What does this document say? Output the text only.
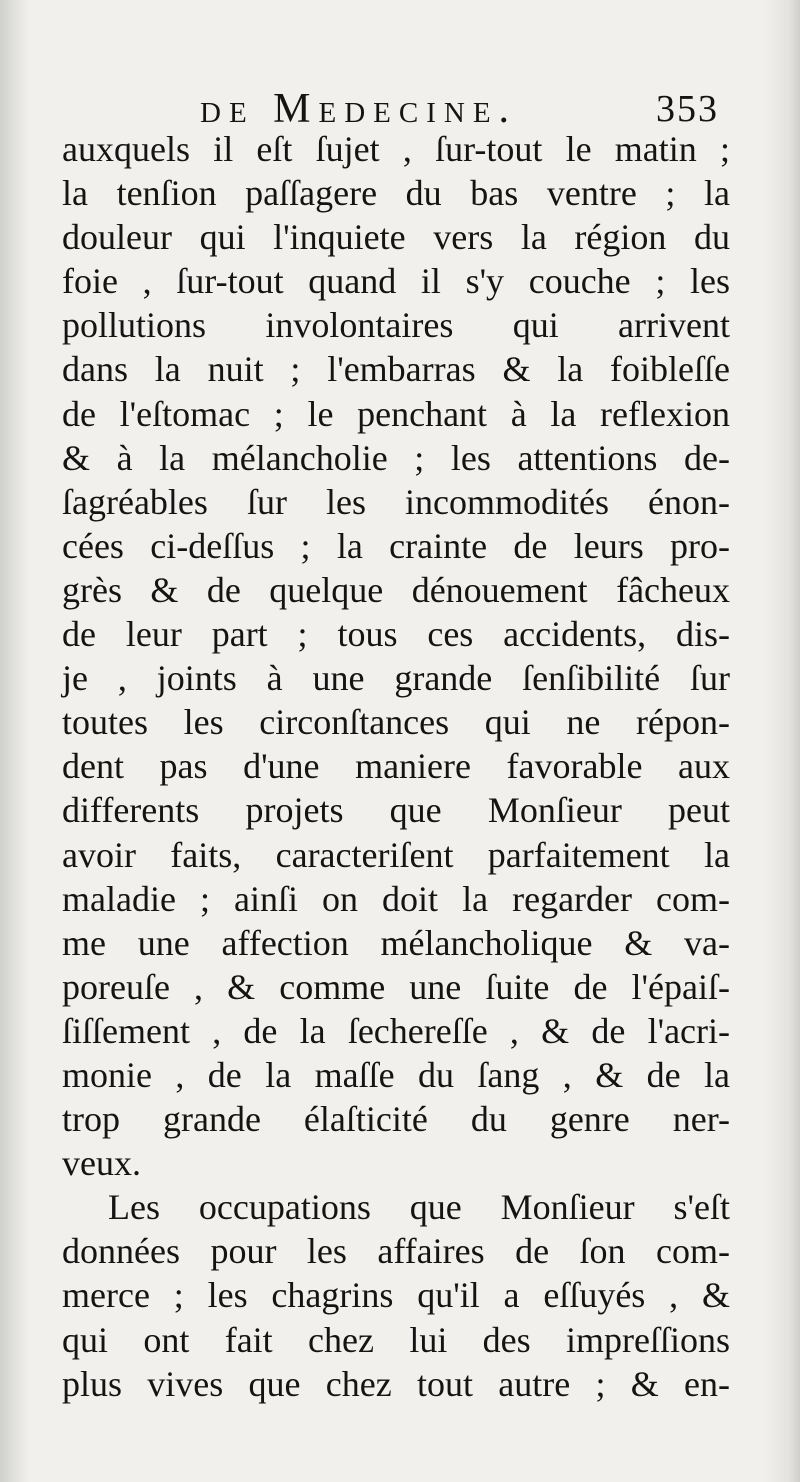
de Medecine.	353
auxquels il eſt ſujet , ſur-tout le matin ;
la tenſion paſſagere du bas ventre ; la
douleur qui l'inquiete vers la région du
foie , ſur-tout quand il s'y couche ; les
pollutions involontaires qui arrivent
dans la nuit ; l'embarras & la foibleſſe
de l'eſtomac ; le penchant à la reflexion
& à la mélancholie ; les attentions de-
ſagréables ſur les incommodités énon-
cées ci-deſſus ; la crainte de leurs pro-
grès & de quelque dénouement fâcheux
de leur part ; tous ces accidents, dis-
je , joints à une grande ſenſibilité ſur
toutes les circonſtances qui ne répon-
dent pas d'une maniere favorable aux
differents projets que Monſieur peut
avoir faits, caracteriſent parfaitement la
maladie ; ainſi on doit la regarder com-
me une affection mélancholique & va-
poreuſe , & comme une ſuite de l'épaiſ-
ſiſſement , de la ſechereſſe , & de l'acri-
monie , de la maſſe du ſang , & de la
trop grande élaſticité du genre ner-
veux.
Les occupations que Monſieur s'eſt
données pour les affaires de ſon com-
merce ; les chagrins qu'il a eſſuyés , &
qui ont fait chez lui des impreſſions
plus vives que chez tout autre ; & en-
